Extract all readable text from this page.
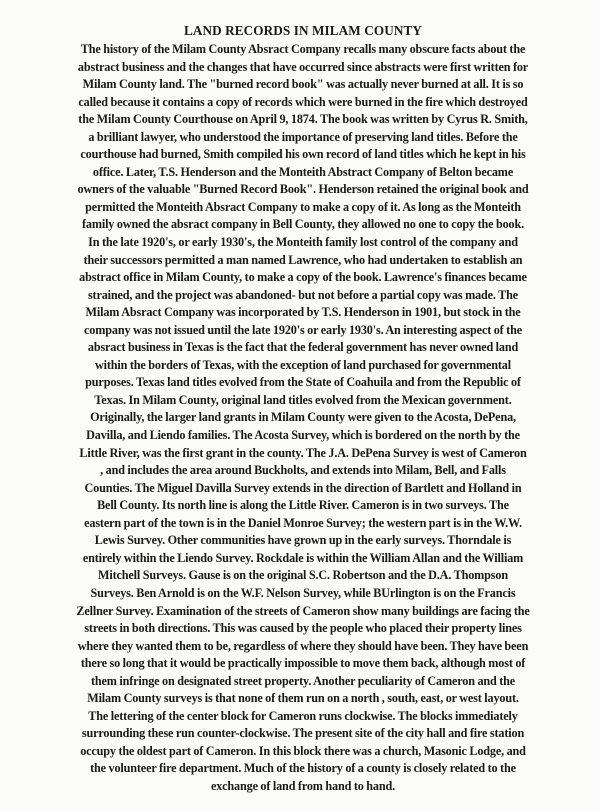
LAND RECORDS IN MILAM COUNTY
The history of the Milam County Absract Company recalls many obscure facts about the
abstract business and the changes that have occurred since abstracts were first written for
Milam County land. The "burned record book" was actually never burned at all. It is so
called because it contains a copy of records which were burned in the fire which destroyed
the Milam County Courthouse on April 9, 1874. The book was written by Cyrus R. Smith,
a brilliant lawyer, who understood the importance of preserving land titles. Before the
courthouse had burned, Smith compiled his own record of land titles which he kept in his
office. Later, T.S. Henderson and the Monteith Abstract Company of Belton became
owners of the valuable "Burned Record Book". Henderson retained the original book and
permitted the Monteith Absract Company to make a copy of it. As long as the Monteith
family owned the absract company in Bell County, they allowed no one to copy the book.
In the late 1920's, or early 1930's, the Monteith family lost control of the company and
their successors permitted a man named Lawrence, who had undertaken to establish an
abstract office in Milam County, to make a copy of the book. Lawrence's finances became
strained, and the project was abandoned- but not before a partial copy was made. The
Milam Absract Company was incorporated by T.S. Henderson in 1901, but stock in the
company was not issued until the late 1920's or early 1930's. An interesting aspect of the
absract business in Texas is the fact that the federal government has never owned land
within the borders of Texas, with the exception of land purchased for governmental
purposes. Texas land titles evolved from the State of Coahuila and from the Republic of
Texas. In Milam County, original land titles evolved from the Mexican government.
Originally, the larger land grants in Milam County were given to the Acosta, DePena,
Davilla, and Liendo families. The Acosta Survey, which is bordered on the north by the
Little River, was the first grant in the county. The J.A. DePena Survey is west of Cameron
, and includes the area around Buckholts, and extends into Milam, Bell, and Falls
Counties. The Miguel Davilla Survey extends in the direction of Bartlett and Holland in
Bell County. Its north line is along the Little River. Cameron is in two surveys. The
eastern part of the town is in the Daniel Monroe Survey; the western part is in the W.W.
Lewis Survey. Other communities have grown up in the early surveys. Thorndale is
entirely within the Liendo Survey. Rockdale is within the William Allan and the William
Mitchell Surveys. Gause is on the original S.C. Robertson and the D.A. Thompson
Surveys. Ben Arnold is on the W.F. Nelson Survey, while BUrlington is on the Francis
Zellner Survey. Examination of the streets of Cameron show many buildings are facing the
streets in both directions. This was caused by the people who placed their property lines
where they wanted them to be, regardless of where they should have been. They have been
there so long that it would be practically impossible to move them back, although most of
them infringe on designated street property. Another peculiarity of Cameron and the
Milam County surveys is that none of them run on a north , south, east, or west layout.
The lettering of the center block for Cameron runs clockwise. The blocks immediately
surrounding these run counter-clockwise. The present site of the city hall and fire station
occupy the oldest part of Cameron. In this block there was a church, Masonic Lodge, and
the volunteer fire department. Much of the history of a county is closely related to the
exchange of land from hand to hand.
